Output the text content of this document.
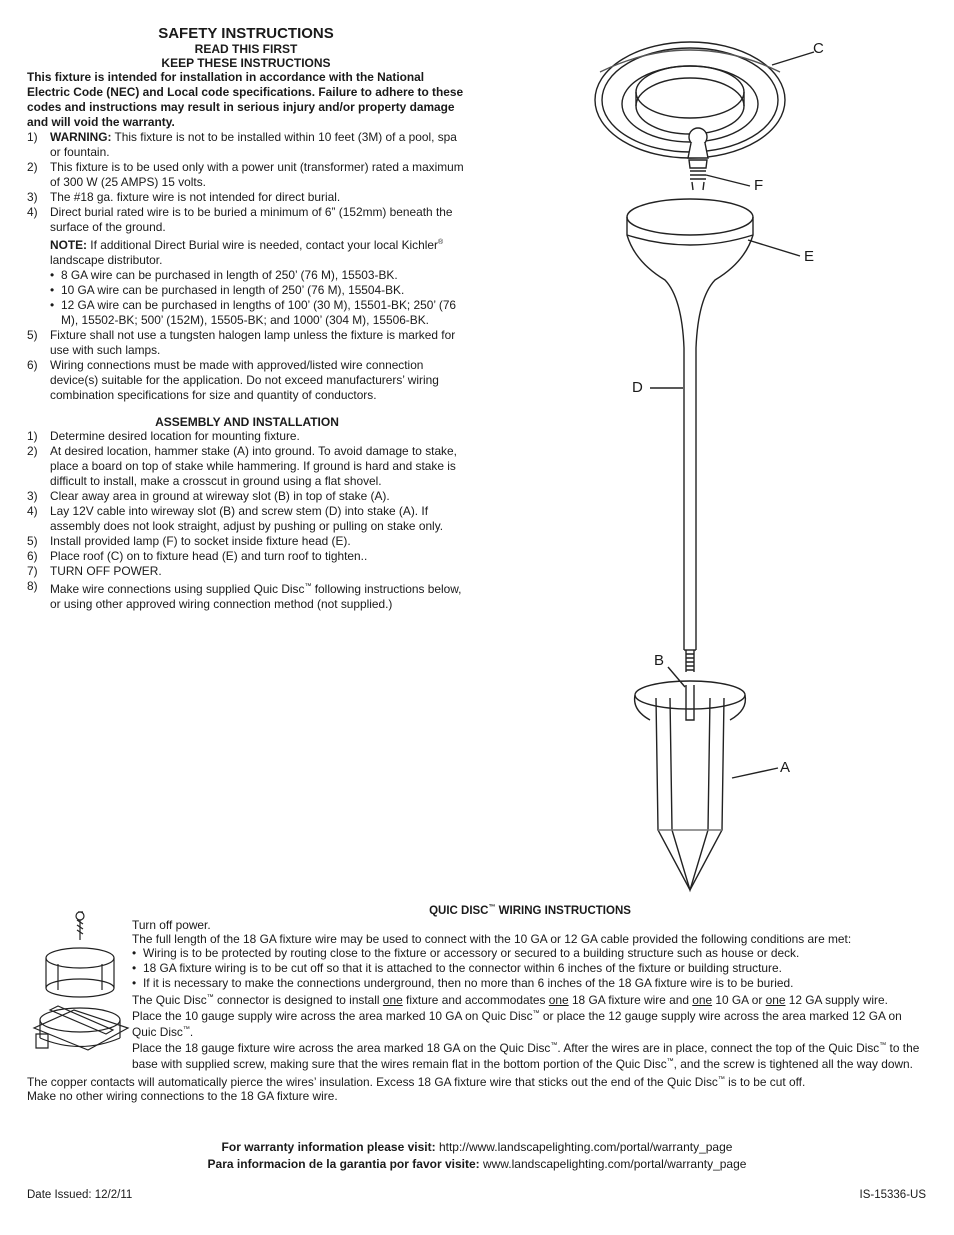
SAFETY INSTRUCTIONS
READ THIS FIRST
KEEP THESE INSTRUCTIONS
This fixture is intended for installation in accordance with the National Electric Code (NEC) and Local code specifications. Failure to adhere to these codes and instructions may result in serious injury and/or property damage and will void the warranty.
1) WARNING: This fixture is not to be installed within 10 feet (3M) of a pool, spa or fountain.
2) This fixture is to be used only with a power unit (transformer) rated a maximum of 300 W (25 AMPS) 15 volts.
3) The #18 ga. fixture wire is not intended for direct burial.
4) Direct burial rated wire is to be buried a minimum of 6” (152mm) beneath the surface of the ground.
NOTE: If additional Direct Burial wire is needed, contact your local Kichler® landscape distributor.
• 8 GA wire can be purchased in length of 250’ (76 M), 15503-BK.
• 10 GA wire can be purchased in length of 250’ (76 M), 15504-BK.
• 12 GA wire can be purchased in lengths of 100’ (30 M), 15501-BK; 250’ (76 M), 15502-BK; 500’ (152M), 15505-BK; and 1000’ (304 M), 15506-BK.
5) Fixture shall not use a tungsten halogen lamp unless the fixture is marked for use with such lamps.
6) Wiring connections must be made with approved/listed wire connection device(s) suitable for the application. Do not exceed manufacturers’ wiring combination specifications for size and quantity of conductors.
ASSEMBLY AND INSTALLATION
1) Determine desired location for mounting fixture.
2) At desired location, hammer stake (A) into ground. To avoid damage to stake, place a board on top of stake while hammering. If ground is hard and stake is difficult to install, make a crosscut in ground using a flat shovel.
3) Clear away area in ground at wireway slot (B) in top of stake (A).
4) Lay 12V cable into wireway slot (B) and screw stem (D) into stake (A). If assembly does not look straight, adjust by pushing or pulling on stake only.
5) Install provided lamp (F) to socket inside fixture head (E).
6) Place roof (C) on to fixture head (E) and turn roof to tighten..
7) TURN OFF POWER.
8) Make wire connections using supplied Quic Disc™ following instructions below, or using other approved wiring connection method (not supplied.)
C
F
E
D
B
A
QUIC DISC™ WIRING INSTRUCTIONS
Turn off power.
The full length of the 18 GA fixture wire may be used to connect with the 10 GA or 12 GA cable provided the following conditions are met:
• Wiring is to be protected by routing close to the fixture or accessory or secured to a building structure such as house or deck.
• 18 GA fixture wiring is to be cut off so that it is attached to the connector within 6 inches of the fixture or building structure.
• If it is necessary to make the connections underground, then no more than 6 inches of the 18 GA fixture wire is to be buried.
The Quic Disc™ connector is designed to install one fixture and accommodates one 18 GA fixture wire and one 10 GA or one 12 GA supply wire.
Place the 10 gauge supply wire across the area marked 10 GA on Quic Disc™ or place the 12 gauge supply wire across the area marked 12 GA on Quic Disc™.
Place the 18 gauge fixture wire across the area marked 18 GA on the Quic Disc™. After the wires are in place, connect the top of the Quic Disc™ to the base with supplied screw, making sure that the wires remain flat in the bottom portion of the Quic Disc™, and the screw is tightened all the way down.
The copper contacts will automatically pierce the wires’ insulation. Excess 18 GA fixture wire that sticks out the end of the Quic Disc™ is to be cut off.
Make no other wiring connections to the 18 GA fixture wire.
For warranty information please visit: http://www.landscapelighting.com/portal/warranty_page
Para informacion de la garantia por favor visite: www.landscapelighting.com/portal/warranty_page
Date Issued: 12/2/11	IS-15336-US
